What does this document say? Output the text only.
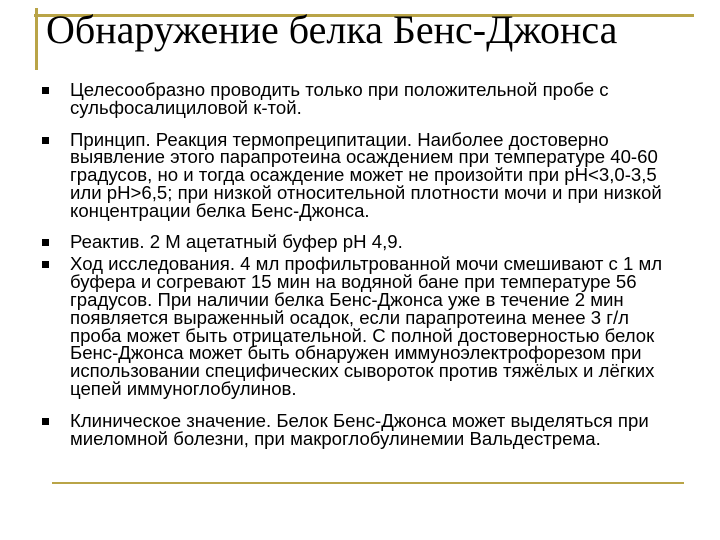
Обнаружение белка Бенс-Джонса
Целесообразно проводить только при положительной пробе с сульфосалициловой к-той.
Принцип. Реакция термопреципитации. Наиболее достоверно выявление этого парапротеина осаждением при температуре 40-60 градусов, но и тогда осаждение может не произойти при рН<3,0-3,5 или рН>6,5; при низкой относительной плотности мочи и при низкой концентрации белка Бенс-Джонса.
Реактив. 2 М ацетатный буфер рН 4,9.
Ход исследования. 4 мл профильтрованной мочи смешивают с 1 мл буфера и согревают 15 мин на водяной бане при температуре 56 градусов. При наличии белка Бенс-Джонса уже в течение 2 мин появляется выраженный осадок, если парапротеина менее 3 г/л проба может быть отрицательной. С полной достоверностью белок Бенс-Джонса может быть обнаружен иммуноэлектрофорезом при использовании специфических сывороток против тяжёлых и лёгких цепей иммуноглобулинов.
Клиническое значение. Белок Бенс-Джонса может выделяться при миеломной болезни, при макроглобулинемии Вальдестрема.
